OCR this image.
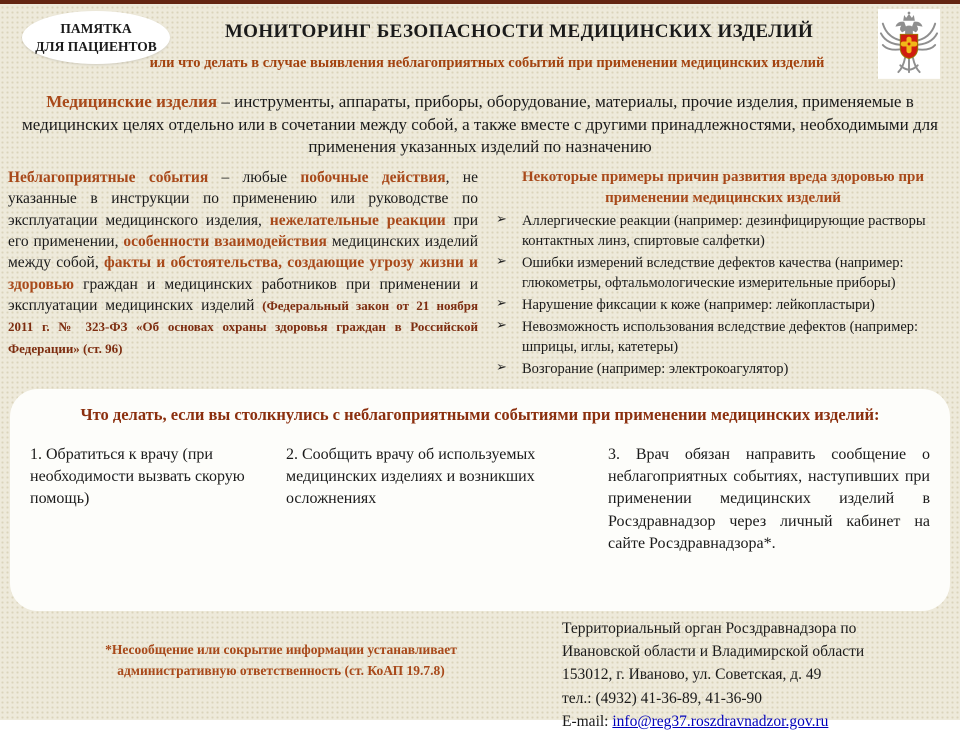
ПАМЯТКА
ДЛЯ ПАЦИЕНТОВ
МОНИТОРИНГ БЕЗОПАСНОСТИ МЕДИЦИНСКИХ ИЗДЕЛИЙ
или что делать в случае выявления неблагоприятных событий при применении медицинских изделий
Медицинские изделия – инструменты, аппараты, приборы, оборудование, материалы, прочие изделия, применяемые в медицинских целях отдельно или в сочетании между собой, а также вместе с другими принадлежностями, необходимыми для применения указанных изделий по назначению
Неблагоприятные события – любые побочные действия, не указанные в инструкции по применению или руководстве по эксплуатации медицинского изделия, нежелательные реакции при его применении, особенности взаимодействия медицинских изделий между собой, факты и обстоятельства, создающие угрозу жизни и здоровью граждан и медицинских работников при применении и эксплуатации медицинских изделий (Федеральный закон от 21 ноября 2011 г. № 323-ФЗ «Об основах охраны здоровья граждан в Российской Федерации» (ст. 96)
Некоторые примеры причин развития вреда здоровью при применении медицинских изделий
➢	Аллергические реакции (например: дезинфицирующие растворы контактных линз, спиртовые салфетки)
➢	Ошибки измерений вследствие дефектов качества (например: глюкометры, офтальмологические измерительные приборы)
➢	Нарушение фиксации к коже (например: лейкопластыри)
➢	Невозможность использования вследствие дефектов (например: шприцы, иглы, катетеры)
➢	Возгорание (например: электрокоагулятор)
Что делать, если вы столкнулись с неблагоприятными событиями при применении медицинских изделий:
1. Обратиться к врачу (при необходимости вызвать скорую помощь)
2. Сообщить врачу об используемых медицинских изделиях и возникших осложнениях
3. Врач обязан направить сообщение о неблагоприятных событиях, наступивших при применении медицинских изделий в Росздравнадзор через личный кабинет на сайте Росздравнадзора*.
*Несообщение или сокрытие информации устанавливает
административную ответственность (ст. КоАП 19.7.8)
Территориальный орган Росздравнадзора по
Ивановской области и Владимирской области
153012, г. Иваново, ул. Советская, д. 49
тел.: (4932) 41-36-89, 41-36-90
E-mail: info@reg37.roszdravnadzor.gov.ru
